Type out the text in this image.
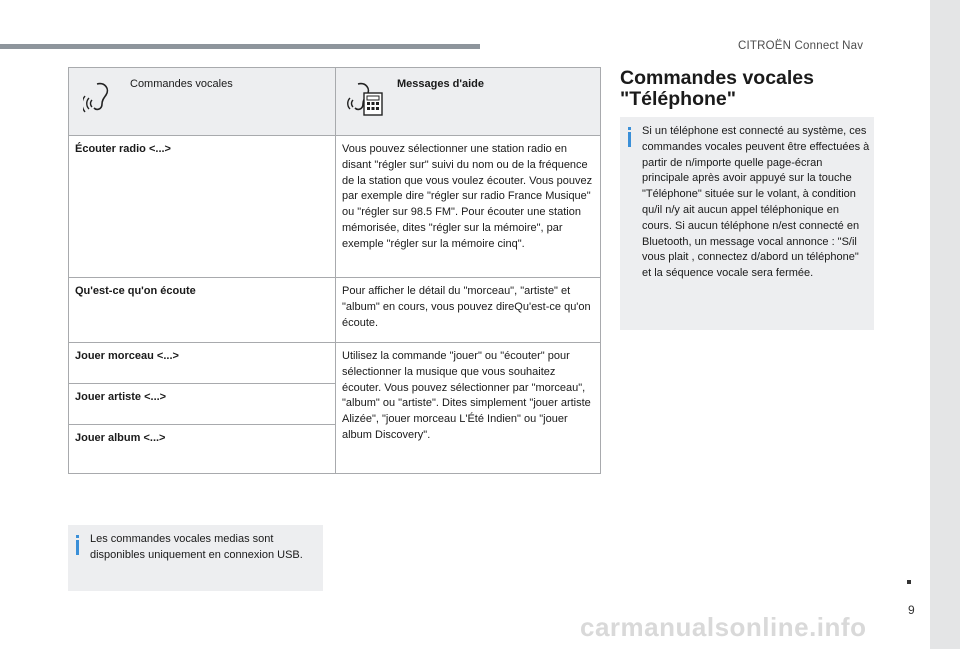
CITROËN Connect Nav
Commandes vocales	Messages d'aide

Écouter radio <...>	Vous pouvez sélectionner une station radio en disant "régler sur" suivi du nom ou de la fréquence de la station que vous voulez écouter. Vous pouvez par exemple dire "régler sur radio France Musique" ou "régler sur 98.5 FM". Pour écouter une station mémorisée, dites "régler sur la mémoire", par exemple "régler sur la mémoire cinq".
Qu'est-ce qu'on écoute	Pour afficher le détail du "morceau", "artiste" et "album" en cours, vous pouvez direQu'est-ce qu'on écoute.
Jouer morceau <...>	Utilisez la commande "jouer" ou "écouter" pour sélectionner la musique que vous souhaitez écouter. Vous pouvez sélectionner par "morceau", "album" ou "artiste". Dites simplement "jouer artiste Alizée", "jouer morceau L'Été Indien" ou "jouer album Discovery".
Jouer artiste <...>	
Jouer album <...>	
Les commandes vocales medias sont disponibles uniquement en connexion USB.
Commandes vocales
"Téléphone"
Si un téléphone est connecté au système, ces commandes vocales peuvent être effectuées à partir de n/importe quelle page-écran principale après avoir appuyé sur la touche "Téléphone" située sur le volant, à condition qu/il n/y ait aucun appel téléphonique en cours. Si aucun téléphone n/est connecté en Bluetooth, un message vocal annonce : "S/il vous plait , connectez d/abord un téléphone" et la séquence vocale sera fermée.
9
carmanualsonline.info
